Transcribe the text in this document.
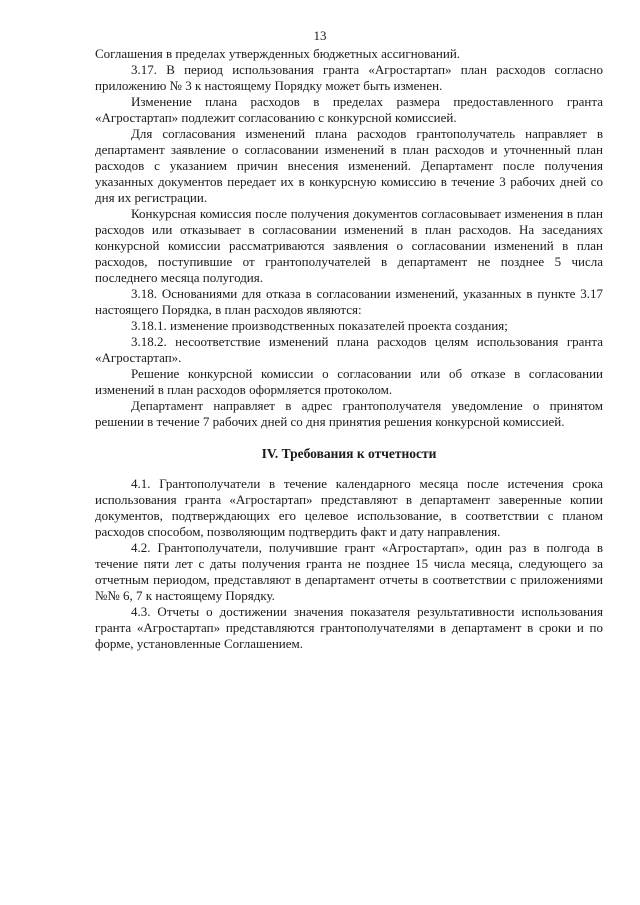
13

Соглашения в пределах утвержденных бюджетных ассигнований.

3.17. В период использования гранта «Агростартап» план расходов согласно приложению № 3 к настоящему Порядку может быть изменен.

Изменение плана расходов в пределах размера предоставленного гранта «Агростартап» подлежит согласованию с конкурсной комиссией.

Для согласования изменений плана расходов грантополучатель направляет в департамент заявление о согласовании изменений в план расходов и уточненный план расходов с указанием причин внесения изменений. Департамент после получения указанных документов передает их в конкурсную комиссию в течение 3 рабочих дней со дня их регистрации.

Конкурсная комиссия после получения документов согласовывает изменения в план расходов или отказывает в согласовании изменений в план расходов. На заседаниях конкурсной комиссии рассматриваются заявления о согласовании изменений в план расходов, поступившие от грантополучателей в департамент не позднее 5 числа последнего месяца полугодия.

3.18. Основаниями для отказа в согласовании изменений, указанных в пункте 3.17 настоящего Порядка, в план расходов являются:

3.18.1. изменение производственных показателей проекта создания;

3.18.2. несоответствие изменений плана расходов целям использования гранта «Агростартап».

Решение конкурсной комиссии о согласовании или об отказе в согласовании изменений в план расходов оформляется протоколом.

Департамент направляет в адрес грантополучателя уведомление о принятом решении в течение 7 рабочих дней со дня принятия решения конкурсной комиссией.

IV. Требования к отчетности

4.1. Грантополучатели в течение календарного месяца после истечения срока использования гранта «Агростартап» представляют в департамент заверенные копии документов, подтверждающих его целевое использование, в соответствии с планом расходов способом, позволяющим подтвердить факт и дату направления.

4.2. Грантополучатели, получившие грант «Агростартап», один раз в полгода в течение пяти лет с даты получения гранта не позднее 15 числа месяца, следующего за отчетным периодом, представляют в департамент отчеты в соответствии с приложениями №№ 6, 7 к настоящему Порядку.

4.3. Отчеты о достижении значения показателя результативности использования гранта «Агростартап» представляются грантополучателями в департамент в сроки и по форме, установленные Соглашением.
